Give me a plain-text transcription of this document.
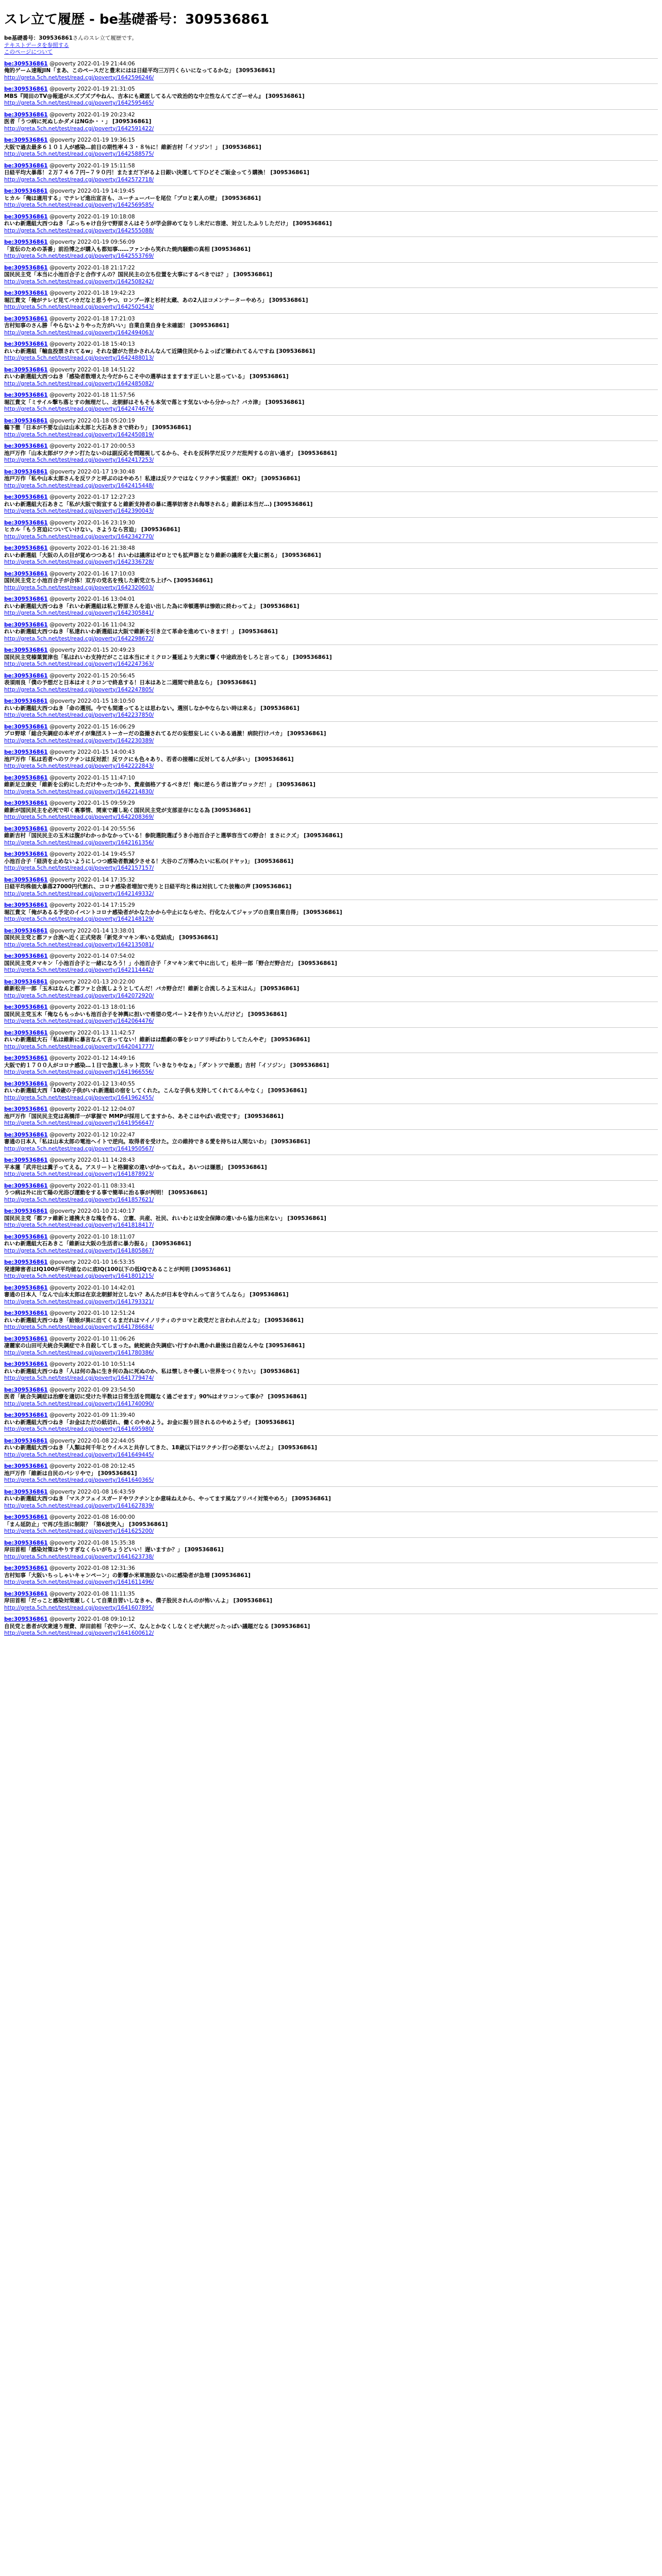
スレ立て履歴 - be基礎番号：309536861
be基礎番号：309536861さんのスレ立て履歴です。
テキストデータを参照する
このページについて
be:309536861 @poverty 2022-01-19 21:44:06
俺的ゲーム速報JIN「まあ、このペースだと豊末にはは日経平均三万円くらいになってるかな」 [309536861]
http://greta.5ch.net/test/read.cgi/poverty/1642596246/
be:309536861 @poverty 2022-01-19 21:31:05
MBS『岡田のTV@報道がエズプズブやねん、吉本にも蔵匿してるんで政治的な中立性なんてござーせん』 [309536861]
http://greta.5ch.net/test/read.cgi/poverty/1642595465/
be:309536861 @poverty 2022-01-19 20:23:42
医者「うつ病に死ぬしかダメはNGか・・」 [309536861]
http://greta.5ch.net/test/read.cgi/poverty/1642591422/
be:309536861 @poverty 2022-01-19 19:36:15
大阪で過去最多６１０１人が感染…前日の期性率４３・８％に！維新吉村「イソジン！」 [309536861]
http://greta.5ch.net/test/read.cgi/poverty/1642588575/
be:309536861 @poverty 2022-01-19 15:11:58
日経平均大暴落！２万７４６７円−７９０円！またまだ下がるよ日銀い決運して下ひどそご販金ってう購換！ [309536861]
http://greta.5ch.net/test/read.cgi/poverty/1642572718/
be:309536861 @poverty 2022-01-19 14:19:45
ヒカル「俺は適用する」でテレビ進出宣言も、ユーチューバーを尾位「プロと素人の壁」 [309536861]
http://greta.5ch.net/test/read.cgi/poverty/1642569585/
be:309536861 @poverty 2022-01-19 10:18:08
れいわ新選組大西つねき「ぶっちゃけ自分で野原さんはそうが学会辞めてなりし未だに容達、対立したふりしただけ」 [309536861]
http://greta.5ch.net/test/read.cgi/poverty/1642555088/
be:309536861 @poverty 2022-01-19 09:56:09
「宣伝のための茶番」前沿博之が購入も都知事……ファンから笑れた焼肉騒動の真相 [309536861]
http://greta.5ch.net/test/read.cgi/poverty/1642553769/
be:309536861 @poverty 2022-01-18 21:17:22
国民民主党「本当に小池百合子と合作すんの？国民民主の立ち位置を大事にするべきでは？」 [309536861]
http://greta.5ch.net/test/read.cgi/poverty/1642508242/
be:309536861 @poverty 2022-01-18 19:42:23
堀江貴文「俺がテレビ見てバカだなと思うやつ、ロンブー淳と杉村太蔵、あの2人はコメンテーターやめろ」 [309536861]
http://greta.5ch.net/test/read.cgi/poverty/1642502543/
be:309536861 @poverty 2022-01-18 17:21:03
吉村知事のさん勝「やらないよりやった方がいい」自業自業自身を未確認！ [309536861]
http://greta.5ch.net/test/read.cgi/poverty/1642494063/
be:309536861 @poverty 2022-01-18 15:40:13
れいわ新選組「輸血投票されてるw」それな儲がた世かされんなんて近隣住民からよっぽど嫌われてるんですね [309536861]
http://greta.5ch.net/test/read.cgi/poverty/1642488013/
be:309536861 @poverty 2022-01-18 14:51:22
れいわ新選組大西つねき「感染者数増えた今だからこそ中の選挙はまますます正しいと思っている」 [309536861]
http://greta.5ch.net/test/read.cgi/poverty/1642485082/
be:309536861 @poverty 2022-01-18 11:57:56
堀江貴文「ミサイル撃ち落とすの無理だし、北朝鮮はそもそも本気で落とす気ないから分かった？バカ津」 [309536861]
http://greta.5ch.net/test/read.cgi/poverty/1642474676/
be:309536861 @poverty 2022-01-18 05:20:19
鶴下徹「日本が不要な山は山本太郎と大石あきさで終わり」 [309536861]
http://greta.5ch.net/test/read.cgi/poverty/1642450819/
be:309536861 @poverty 2022-01-17 20:00:53
池戸万作「山本太郎がワクチン打たないのは副反応を問題視してるから、それを反科学だ反ワクだ批判するの言い過ぎ」 [309536861]
http://greta.5ch.net/test/read.cgi/poverty/1642417253/
be:309536861 @poverty 2022-01-17 19:30:48
池戸万作「私や山本太郎さんを反ワクと呼ぶのはやめろ！私達は反ワクではなくワクチン慎重派！OK?」 [309536861]
http://greta.5ch.net/test/read.cgi/poverty/1642415448/
be:309536861 @poverty 2022-01-17 12:27:23
れいわ新選組大石あきこ「私が大阪で街宣すると維新支持者の暴に選挙妨害され侮辱される」維新は本当だ…) [309536861]
http://greta.5ch.net/test/read.cgi/poverty/1642390043/
be:309536861 @poverty 2022-01-16 23:19:30
ヒカル「もう宮迫についていけない。さようなら宮迫」 [309536861]
http://greta.5ch.net/test/read.cgi/poverty/1642342770/
be:309536861 @poverty 2022-01-16 21:38:48
れいわ新選組「大阪の人の目が覚めつつある！れいわは議席はゼロとでも拡声器となり維新の議席を大量に割る」 [309536861]
http://greta.5ch.net/test/read.cgi/poverty/1642336728/
be:309536861 @poverty 2022-01-16 17:10:03
国民民主党と小池百合子が合体！双方の党名を残した新党立ち上げへ [309536861]
http://greta.5ch.net/test/read.cgi/poverty/1642320603/
be:309536861 @poverty 2022-01-16 13:04:01
れいわ新選組大西つねき「れいわ新選組は私と野原さんを追い出した為に幸頓選挙は惨敗に終わってよ」 [309536861]
http://greta.5ch.net/test/read.cgi/poverty/1642305841/
be:309536861 @poverty 2022-01-16 11:04:32
れいわ新選組大西つねき「私達れいわ新選組は大阪で維新を引き立て革命を進めていきます！」 [309536861]
http://greta.5ch.net/test/read.cgi/poverty/1642298672/
be:309536861 @poverty 2022-01-15 20:49:23
国民民主党榛葉賀津也「私はれいわ支持だがここは本当にオミクロン蔓延より大衆に響く中途政治をしろと言ってる」 [309536861]
http://greta.5ch.net/test/read.cgi/poverty/1642247363/
be:309536861 @poverty 2022-01-15 20:56:45
表須雨良「僕の予想だと日本はオミクロンで終息する！日本はあと二週間で終息なら」 [309536861]
http://greta.5ch.net/test/read.cgi/poverty/1642247805/
be:309536861 @poverty 2022-01-15 18:10:50
れいわ新選組大西つねき「命の選別。今でも間違ってるとは思わない。選別しなかやならない時は来る」 [309536861]
http://greta.5ch.net/test/read.cgi/poverty/1642237850/
be:309536861 @poverty 2022-01-15 16:06:29
プロ野球「総合失調症の本ギガイが集団ストーカーだの盗撮されてるだの妄想妄しにくいある過激！病院行けバカ」 [309536861]
http://greta.5ch.net/test/read.cgi/poverty/1642230389/
be:309536861 @poverty 2022-01-15 14:00:43
池戸万作「私は若者へのワクチンは反対派！反ワクにも色々あり、若者の接種に反対してる人が多い」 [309536861]
http://greta.5ch.net/test/read.cgi/poverty/1642222843/
be:309536861 @poverty 2022-01-15 11:47:10
維新足立康史「維新を公約にしただけやったつかり、貴産価格アするべきだ！俺に逆らう者は皆ブロックだ！」 [309536861]
http://greta.5ch.net/test/read.cgi/poverty/1642214830/
be:309536861 @poverty 2022-01-15 09:59:29
維新が国民民主を必死で叩く裏事情、関東で躍し恥く国民民主党が支部並存になる為 [309536861]
http://greta.5ch.net/test/read.cgi/poverty/1642208369/
be:309536861 @poverty 2022-01-14 20:55:56
維新吉村「国民民主の玉木は腹がわかっかなかっている！参院選院選ぼうき小池百合子と選挙容当ての野合！まさにクズ」 [309536861]
http://greta.5ch.net/test/read.cgi/poverty/1642161356/
be:309536861 @poverty 2022-01-14 19:45:57
小池百合子「経済を止めないようにしつつ感染者数減少させる！大谷のご万博みたいに私の(ドヤッ)」 [309536861]
http://greta.5ch.net/test/read.cgi/poverty/1642157157/
be:309536861 @poverty 2022-01-14 17:35:32
日経平均株価大暴落27000円代割れ、コロナ感染者増加で売りと日経平均と株は対抗してた彼権の声 [309536861]
http://greta.5ch.net/test/read.cgi/poverty/1642149332/
be:309536861 @poverty 2022-01-14 17:15:29
堀江貴文「俺があるる予定のイベントコロナ感染者がかなたかから中止にならせた、行化なんてジャップの自業自業自得」 [309536861]
http://greta.5ch.net/test/read.cgi/poverty/1642148129/
be:309536861 @poverty 2022-01-14 13:38:01
国民民主党と都ファ合流へ近く正式発表「新党タマキン率いる党結成」 [309536861]
http://greta.5ch.net/test/read.cgi/poverty/1642135081/
be:309536861 @poverty 2022-01-14 07:54:02
国民民主党タマキン「小池百合子と一緒になろう！」小池百合子「タマキン来て中に出して」松井一郎「野合だ野合だ」 [309536861]
http://greta.5ch.net/test/read.cgi/poverty/1642114442/
be:309536861 @poverty 2022-01-13 20:22:00
維新松井一郎「玉木はなんと都ファと合流しようとしてんだ！バカ野合だ！維新と合流しろよ玉木はん」 [309536861]
http://greta.5ch.net/test/read.cgi/poverty/1642072920/
be:309536861 @poverty 2022-01-13 18:01:16
国民民主党玉木「俺ならもっかいも池百合子を神輿に担いで希望の党パート2を作りたいんだけど」 [309536861]
http://greta.5ch.net/test/read.cgi/poverty/1642064476/
be:309536861 @poverty 2022-01-13 11:42:57
れいわ新選組大石「私は維新に暴言なんて言ってない！維新はは酷劇の事をシロアリ呼ばわりしてたんやぞ」 [309536861]
http://greta.5ch.net/test/read.cgi/poverty/1642041777/
be:309536861 @poverty 2022-01-12 14:49:16
大阪で約１７００人がコロナ感染…１日で急激しネット荒吹「いきなりやなぁ」「ダントツで最悪」吉村「イソジン」 [309536861]
http://greta.5ch.net/test/read.cgi/poverty/1641966556/
be:309536861 @poverty 2022-01-12 13:40:55
れいわ新選組大西「10歳の子供がいれ新選組の宿をしてくれた。こんな子供も支持してくれてるんやなく」 [309536861]
http://greta.5ch.net/test/read.cgi/poverty/1641962455/
be:309536861 @poverty 2022-01-12 12:04:07
池戸万作「国民民主党は高橋洋一が掌握で MMPが採用してますから、あそこはやばい政党です」 [309536861]
http://greta.5ch.net/test/read.cgi/poverty/1641956647/
be:309536861 @poverty 2022-01-12 10:22:47
審通の日本人「私は山本太郎の電池ヘイトで逆向。取得者を受けた。立の維持できる愛を持ちは人間ないわ」 [309536861]
http://greta.5ch.net/test/read.cgi/poverty/1641950567/
be:309536861 @poverty 2022-01-11 14:28:43
平本蓮「武井壮は糞子ってえる。アスリートと格闘家の違いがかってねえ。あいつは嫌悪」 [309536861]
http://greta.5ch.net/test/read.cgi/poverty/1641878923/
be:309536861 @poverty 2022-01-11 08:33:41
うつ病は外に出て陽の光浴び運動をする事で簡単に治る事が判明！ [309536861]
http://greta.5ch.net/test/read.cgi/poverty/1641857621/
be:309536861 @poverty 2022-01-10 21:40:17
国民民主党「都ファ維新と連携大きな塊を作る、立憲、共産、社民、れいわとは安全保障の違いから協力出来ない」 [309536861]
http://greta.5ch.net/test/read.cgi/poverty/1641818417/
be:309536861 @poverty 2022-01-10 18:11:07
れいわ新選組大石あきこ「維新は大阪の生活者に暴力振る」 [309536861]
http://greta.5ch.net/test/read.cgi/poverty/1641805867/
be:309536861 @poverty 2022-01-10 16:53:35
発達障害者はIQ100が平均値なのに底IQ(100以下の低IQであることが判明 [309536861]
http://greta.5ch.net/test/read.cgi/poverty/1641801215/
be:309536861 @poverty 2022-01-10 14:42:01
審通の日本人「なんで山本太郎は在京北朝鮮対立しない？あんたが日本を守れんって言うてんなら」 [309536861]
http://greta.5ch.net/test/read.cgi/poverty/1641793321/
be:309536861 @poverty 2022-01-10 12:51:24
れいわ新選組大西つねき「給娘が異に出てくるまだれはマイノリティのテロマと政党だと言われんだよな」 [309536861]
http://greta.5ch.net/test/read.cgi/poverty/1641786684/
be:309536861 @poverty 2022-01-10 11:06:26
凄麗家の山田可夫統合失調症でネ自殺してしまった。統蛇統合失調症い行すかれ選かれ最後は自殺なんやな [309536861]
http://greta.5ch.net/test/read.cgi/poverty/1641780386/
be:309536861 @poverty 2022-01-10 10:51:14
れいわ新選組大西つねき「人は何の為に生き何の為に死ぬのか、私は懐しさや優しい世界をつくりたい」 [309536861]
http://greta.5ch.net/test/read.cgi/poverty/1641779474/
be:309536861 @poverty 2022-01-09 23:54:50
医者「統合失調症は治療を適切に受けた半数は日常生活を問題なく過ごせます」90%はオワコンって事か？ [309536861]
http://greta.5ch.net/test/read.cgi/poverty/1641740090/
be:309536861 @poverty 2022-01-09 11:39:40
れいわ新選組大西つねき「お金はただの紙切れ、働くのやめよう。お金に振り回されるのやめようぜ」 [309536861]
http://greta.5ch.net/test/read.cgi/poverty/1641695980/
be:309536861 @poverty 2022-01-08 22:44:05
れいわ新選組大西つねき「人類は何千年とウイルスと共存してきた、18歳以下はワクチン打つ必要ないんだよ」 [309536861]
http://greta.5ch.net/test/read.cgi/poverty/1641649445/
be:309536861 @poverty 2022-01-08 20:12:45
池戸万作「維新は自民のパシリやで」 [309536861]
http://greta.5ch.net/test/read.cgi/poverty/1641640365/
be:309536861 @poverty 2022-01-08 16:43:59
れいわ新選組大西つねき「マスクフェイスガードやワクチンとか意味ねえから、やってます風なアリバイ対策やめろ」 [309536861]
http://greta.5ch.net/test/read.cgi/poverty/1641627839/
be:309536861 @poverty 2022-01-08 16:00:00
「まん延防止」で再び生活に制限？「第6波突入」 [309536861]
http://greta.5ch.net/test/read.cgi/poverty/1641625200/
be:309536861 @poverty 2022-01-08 15:35:38
岸田首相「感染対策はやりすぎなくらいがちょうどいい！遅いますか？」 [309536861]
http://greta.5ch.net/test/read.cgi/poverty/1641623738/
be:309536861 @poverty 2022-01-08 12:31:36
吉村知事「大阪いちっしゃいキャンペーン」の影響か米軍施設ないのに感染者が急増 [309536861]
http://greta.5ch.net/test/read.cgi/poverty/1641611496/
be:309536861 @poverty 2022-01-08 11:11:35
岸田首相「だっこと感染対策厳しくして自業自習いしなきゃ、僕子股民されんのが怖いんよ」 [309536861]
http://greta.5ch.net/test/read.cgi/poverty/1641607895/
be:309536861 @poverty 2022-01-08 09:10:12
自民党と患者が次衆速り理費、岸田前相「衣中シーズ、なんとかなくしなくとぜ大統だったっぱい議題だなる [309536861]
http://greta.5ch.net/test/read.cgi/poverty/1641600612/
